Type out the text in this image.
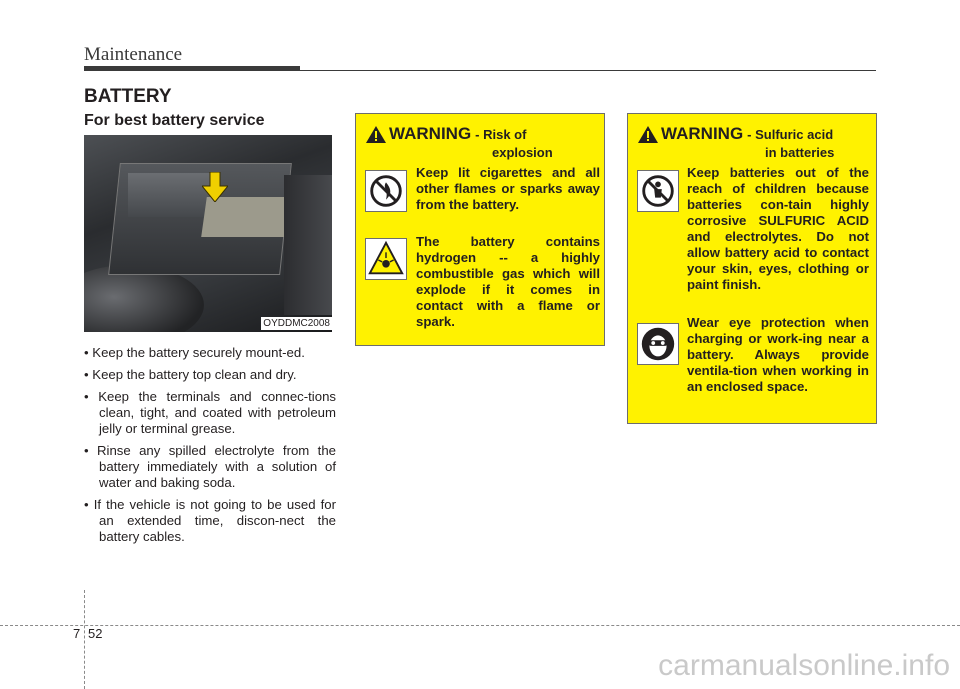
Maintenance
BATTERY
For best battery service
OYDDMC2008
• Keep the battery securely mount-ed.
• Keep the battery top clean and dry.
• Keep the terminals and connec-tions clean, tight, and coated with petroleum jelly or terminal grease.
• Rinse any spilled electrolyte from the battery immediately with a solution of water and baking soda.
• If the vehicle is not going to be used for an extended time, discon-nect the battery cables.
WARNING - Risk of
explosion
Keep lit cigarettes and all other flames or sparks away from the battery.
The battery contains hydrogen -- a highly combustible gas which will explode if it comes in contact with a flame or spark.
WARNING - Sulfuric acid
in batteries
Keep batteries out of the reach of children because batteries con-tain highly corrosive SULFURIC ACID and electrolytes. Do not allow battery acid to contact your skin, eyes, clothing or paint finish.
Wear eye protection when charging or work-ing near a battery. Always provide ventila-tion when working in an enclosed space.
7 52
carmanualsonline.info
